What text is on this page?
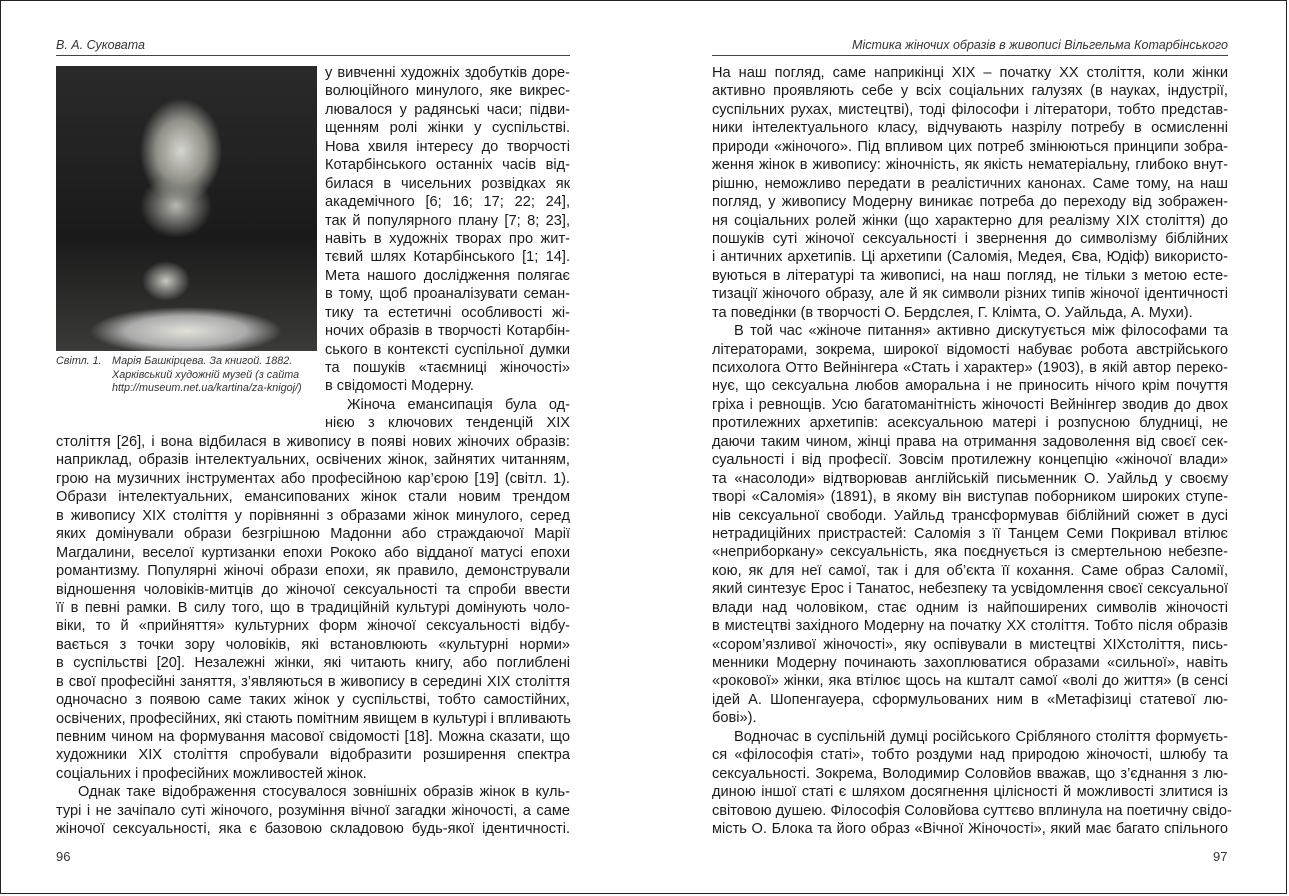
В. А. Суковата
Світл. 1. Марія Башкірцева. За книгой. 1882.
Харківський художній музей (з сайта
http://museum.net.ua/kartina/za-knigoj/)
у вивченні художніх здобутків доре-
волюційного минулого, яке викрес-
лювалося у радянські часи; підви-
щенням ролі жінки у суспільстві.
Нова хвиля інтересу до творчості
Котарбінського останніх часів від-
билася в чисельних розвідках як
академічного [6; 16; 17; 22; 24],
так й популярного плану [7; 8; 23],
навіть в художніх творах про жит-
тєвий шлях Котарбінського [1; 14].
Мета нашого дослідження полягає
в тому, щоб проаналізувати семан-
тику та естетичні особливості жі-
ночих образів в творчості Котарбін-
ського в контексті суспільної думки
та пошуків «таємниці жіночості»
в свідомості Модерну.
Жіноча емансипація була од-
нією з ключових тенденцій XIX
століття [26], і вона відбилася в живопису в появі нових жіночих образів:
наприклад, образів інтелектуальних, освічених жінок, зайнятих читанням,
грою на музичних інструментах або професійною кар’єрою [19] (світл. 1).
Образи інтелектуальних, емансипованих жінок стали новим трендом
в живопису XIX століття у порівнянні з образами жінок минулого, серед
яких домінували образи безгрішною Мадонни або страждаючої Марії
Магдалини, веселої куртизанки епохи Рококо або відданої матусі епохи
романтизму. Популярні жіночі образи епохи, як правило, демонстрували
відношення чоловіків-митців до жіночої сексуальності та спроби ввести
її в певні рамки. В силу того, що в традиційній культурі домінують чоло-
віки, то й «прийняття» культурних форм жіночої сексуальності відбу-
вається з точки зору чоловіків, які встановлюють «культурні норми»
в суспільстві [20]. Незалежні жінки, які читають книгу, або поглиблені
в свої професійні заняття, з’являються в живопису в середині XIX століття
одночасно з появою саме таких жінок у суспільстві, тобто самостійних,
освічених, професійних, які стають помітним явищем в культурі і впливають
певним чином на формування масової свідомості [18]. Можна сказати, що
художники XIX століття спробували відобразити розширення спектра
соціальних і професійних можливостей жінок.
Однак таке відображення стосувалося зовнішніх образів жінок в куль-
турі і не зачіпало суті жіночого, розуміння вічної загадки жіночості, а саме
жіночої сексуальності, яка є базовою складовою будь-якої ідентичності.
96
Містика жіночих образів в живописі Вільгельма Котарбінського
На наш погляд, саме наприкінці XIX – початку XX століття, коли жінки
активно проявляють себе у всіх соціальних галузях (в науках, індустрії,
суспільних рухах, мистецтві), тоді філософи і літератори, тобто представ-
ники інтелектуального класу, відчувають назрілу потребу в осмисленні
природи «жіночого». Під впливом цих потреб змінюються принципи зобра-
ження жінок в живопису: жіночність, як якість нематеріальну, глибоко внут-
рішню, неможливо передати в реалістичних канонах. Саме тому, на наш
погляд, у живопису Модерну виникає потреба до переходу від зображен-
ня соціальних ролей жінки (що характерно для реалізму XIX століття) до
пошуків суті жіночої сексуальності і звернення до символізму біблійних
і античних архетипів. Ці архетипи (Саломія, Медея, Єва, Юдіф) використо-
вуються в літературі та живописі, на наш погляд, не тільки з метою есте-
тизації жіночого образу, але й як символи різних типів жіночої ідентичності
та поведінки (в творчості О. Бердслея, Г. Клімта, О. Уайльда, А. Мухи).
В той час «жіноче питання» активно дискутується між філософами та
літераторами, зокрема, широкої відомості набуває робота австрійського
психолога Отто Вейнінгера «Стать і характер» (1903), в якій автор переко-
нує, що сексуальна любов аморальна і не приносить нічого крім почуття
гріха і ревнощів. Усю багатоманітність жіночості Вейнінгер зводив до двох
протилежних архетипів: асексуальною матері і розпусною блудниці, не
даючи таким чином, жінці права на отримання задоволення від своєї сек-
суальності і від професії. Зовсім протилежну концепцію «жіночої влади»
та «насолоди» відтворював англійській письменник О. Уайльд у своєму
творі «Саломія» (1891), в якому він виступав поборником широких ступе-
нів сексуальної свободи. Уайльд трансформував біблійний сюжет в дусі
нетрадиційних пристрастей: Саломія з її Танцем Семи Покривал втілює
«неприборкану» сексуальність, яка поєднується із смертельною небезпе-
кою, як для неї самої, так і для об’єкта її кохання. Саме образ Саломії,
який синтезує Ерос і Танатос, небезпеку та усвідомлення своєї сексуальної
влади над чоловіком, стає одним із найпоширених символів жіночості
в мистецтві західного Модерну на початку XX століття. Тобто після образів
«сором’язливої жіночості», яку оспівували в мистецтві XIXстоліття, пись-
менники Модерну починають захоплюватися образами «сильної», навіть
«рокової» жінки, яка втілює щось на кшталт самої «волі до життя» (в сенсі
ідей А. Шопенгауера, сформульованих ним в «Метафізиці статевої лю-
бові»).
Водночас в суспільній думці російського Срібляного століття формуєть-
ся «філософія статі», тобто роздуми над природою жіночості, шлюбу та
сексуальності. Зокрема, Володимир Соловйов вважав, що з’єднання з лю-
диною іншої статі є шляхом досягнення цілісності й можливості злитися із
світовою душею. Філософія Соловйова суттєво вплинула на поетичну свідо-
мість О. Блока та його образ «Вічної Жіночості», який має багато спільного
97
